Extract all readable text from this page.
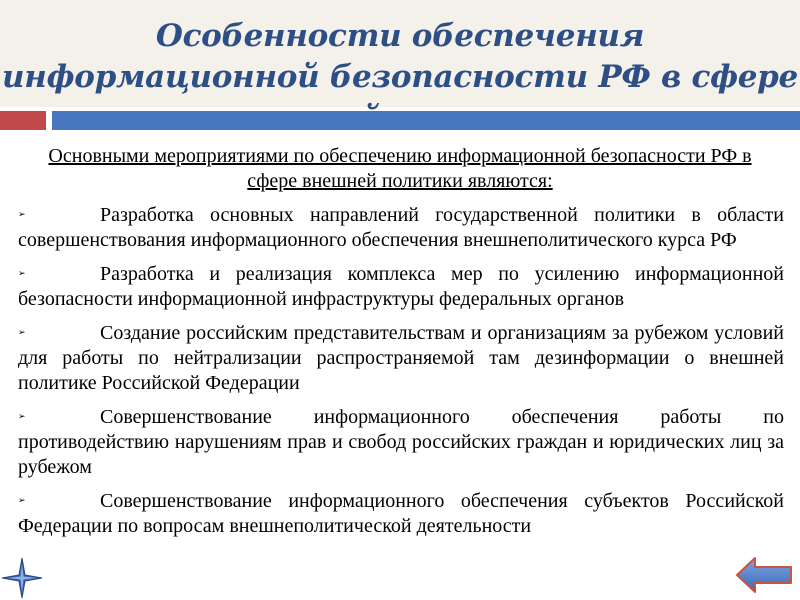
Особенности обеспечения информационной безопасности РФ в сфере

Основными мероприятиями по обеспечению информационной безопасности РФ в сфере внешней политики являются:

➢	Разработка основных направлений государственной политики в области совершенствования информационного обеспечения внешнеполитического курса РФ
➢	Разработка и реализация комплекса мер по усилению информационной безопасности информационной инфраструктуры федеральных органов
➢	Создание российским представительствам и организациям за рубежом условий для работы по нейтрализации распространяемой там дезинформации о внешней политике Российской Федерации
➢	Совершенствование информационного обеспечения работы по противодействию нарушениям прав и свобод российских граждан и юридических лиц за рубежом
➢	Совершенствование информационного обеспечения субъектов Российской Федерации по вопросам внешнеполитической деятельности
